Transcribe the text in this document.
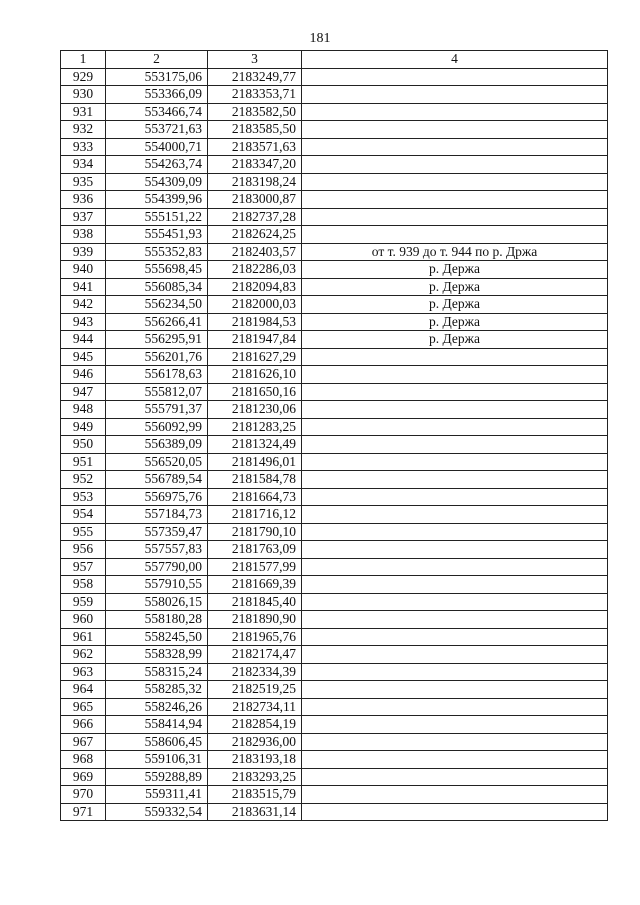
181
1	2	3	4
929	553175,06	2183249,77	
930	553366,09	2183353,71	
931	553466,74	2183582,50	
932	553721,63	2183585,50	
933	554000,71	2183571,63	
934	554263,74	2183347,20	
935	554309,09	2183198,24	
936	554399,96	2183000,87	
937	555151,22	2182737,28	
938	555451,93	2182624,25	
939	555352,83	2182403,57	от т. 939 до т. 944 по р. Држа
940	555698,45	2182286,03	р. Держа
941	556085,34	2182094,83	р. Держа
942	556234,50	2182000,03	р. Держа
943	556266,41	2181984,53	р. Держа
944	556295,91	2181947,84	р. Держа
945	556201,76	2181627,29	
946	556178,63	2181626,10	
947	555812,07	2181650,16	
948	555791,37	2181230,06	
949	556092,99	2181283,25	
950	556389,09	2181324,49	
951	556520,05	2181496,01	
952	556789,54	2181584,78	
953	556975,76	2181664,73	
954	557184,73	2181716,12	
955	557359,47	2181790,10	
956	557557,83	2181763,09	
957	557790,00	2181577,99	
958	557910,55	2181669,39	
959	558026,15	2181845,40	
960	558180,28	2181890,90	
961	558245,50	2181965,76	
962	558328,99	2182174,47	
963	558315,24	2182334,39	
964	558285,32	2182519,25	
965	558246,26	2182734,11	
966	558414,94	2182854,19	
967	558606,45	2182936,00	
968	559106,31	2183193,18	
969	559288,89	2183293,25	
970	559311,41	2183515,79	
971	559332,54	2183631,14	
